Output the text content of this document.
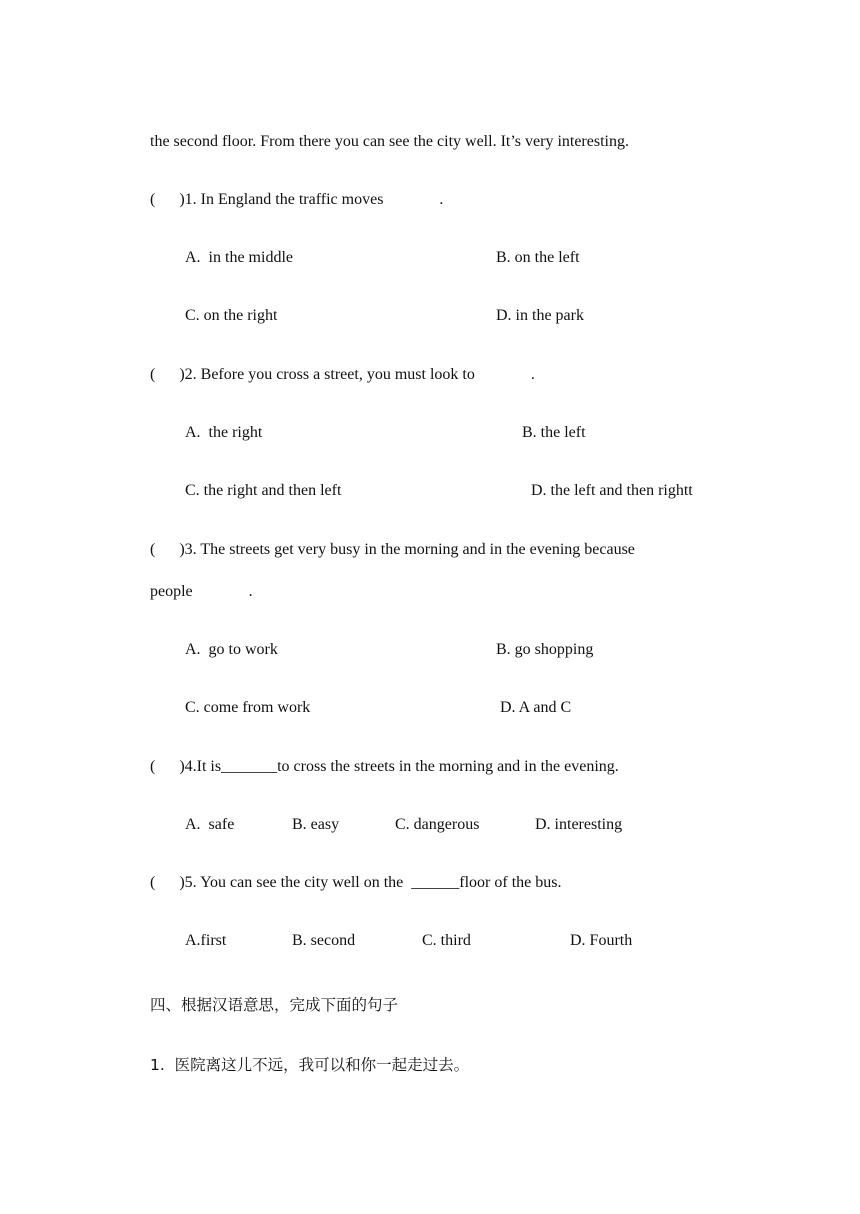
the second floor. From there you can see the city well. It’s very interesting.
(      )1. In England the traffic moves              .
A.  in the middle	B. on the left
C. on the right	D. in the park
(      )2. Before you cross a street, you must look to              .
A.  the right	B. the left
C. the right and then left	D. the left and then rightt
(      )3. The streets get very busy in the morning and in the evening because
people              .
A.  go to work	B. go shopping
C. come from work	D. A and C
(      )4.It is_______to cross the streets in the morning and in the evening.
A.  safe	B. easy	C. dangerous	D. interesting
(      )5. You can see the city well on the  ______floor of the bus.
A.first	B. second	C. third	D. Fourth
四、根据汉语意思，完成下面的句子
1.  医院离这儿不远，我可以和你一起走过去。
